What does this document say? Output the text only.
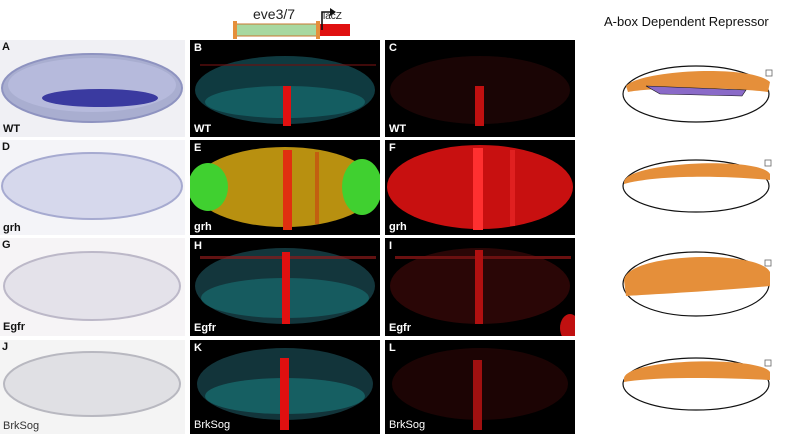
eve3/7	lacZ	A-box Dependent Repressor
A
WT
B
WT
C
WT
D
grh
E
grh
F
grh
G
Egfr
H
Egfr
I
Egfr
J
BrkSog
K
BrkSog
L
BrkSog
